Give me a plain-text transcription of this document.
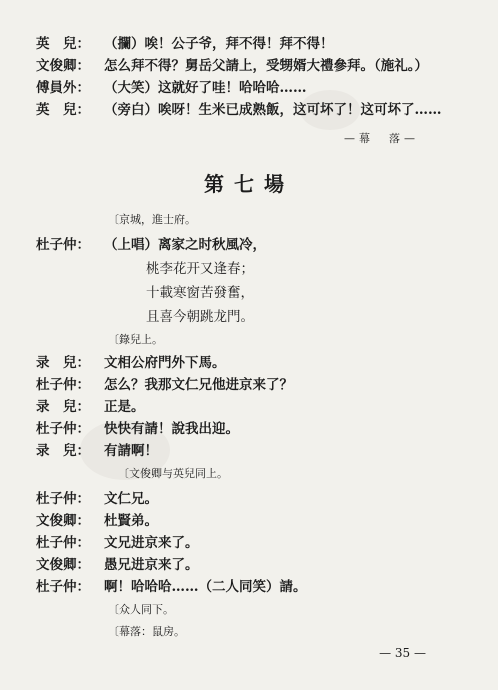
英　兒： （攔）唉！公子爷，拜不得！拜不得！
文俊卿： 怎么拜不得？舅岳父請上，受甥婿大禮參拜。（施礼。）
傅員外： （大笑）这就好了哇！哈哈哈……
英　兒： （旁白）唉呀！生米已成熟飯，这可坏了！这可坏了……
—幕　落—
第七場
〔京城，進士府。
杜子仲： （上唱）离家之时秋風冷，
桃李花开又逢春；
十載寒窗苦發奮，
且喜今朝跳龙門。
〔錄兒上。
录　兒： 文相公府門外下馬。
杜子仲： 怎么？我那文仁兄他进京来了？
录　兒： 正是。
杜子仲： 快快有請！說我出迎。
录　兒： 有請啊！
〔文俊卿与英兒同上。
杜子仲： 文仁兄。
文俊卿： 杜賢弟。
杜子仲： 文兄进京来了。
文俊卿： 愚兄进京来了。
杜子仲： 啊！哈哈哈……（二人同笑）請。
〔众人同下。
〔幕落：鼠房。
— 35 —
